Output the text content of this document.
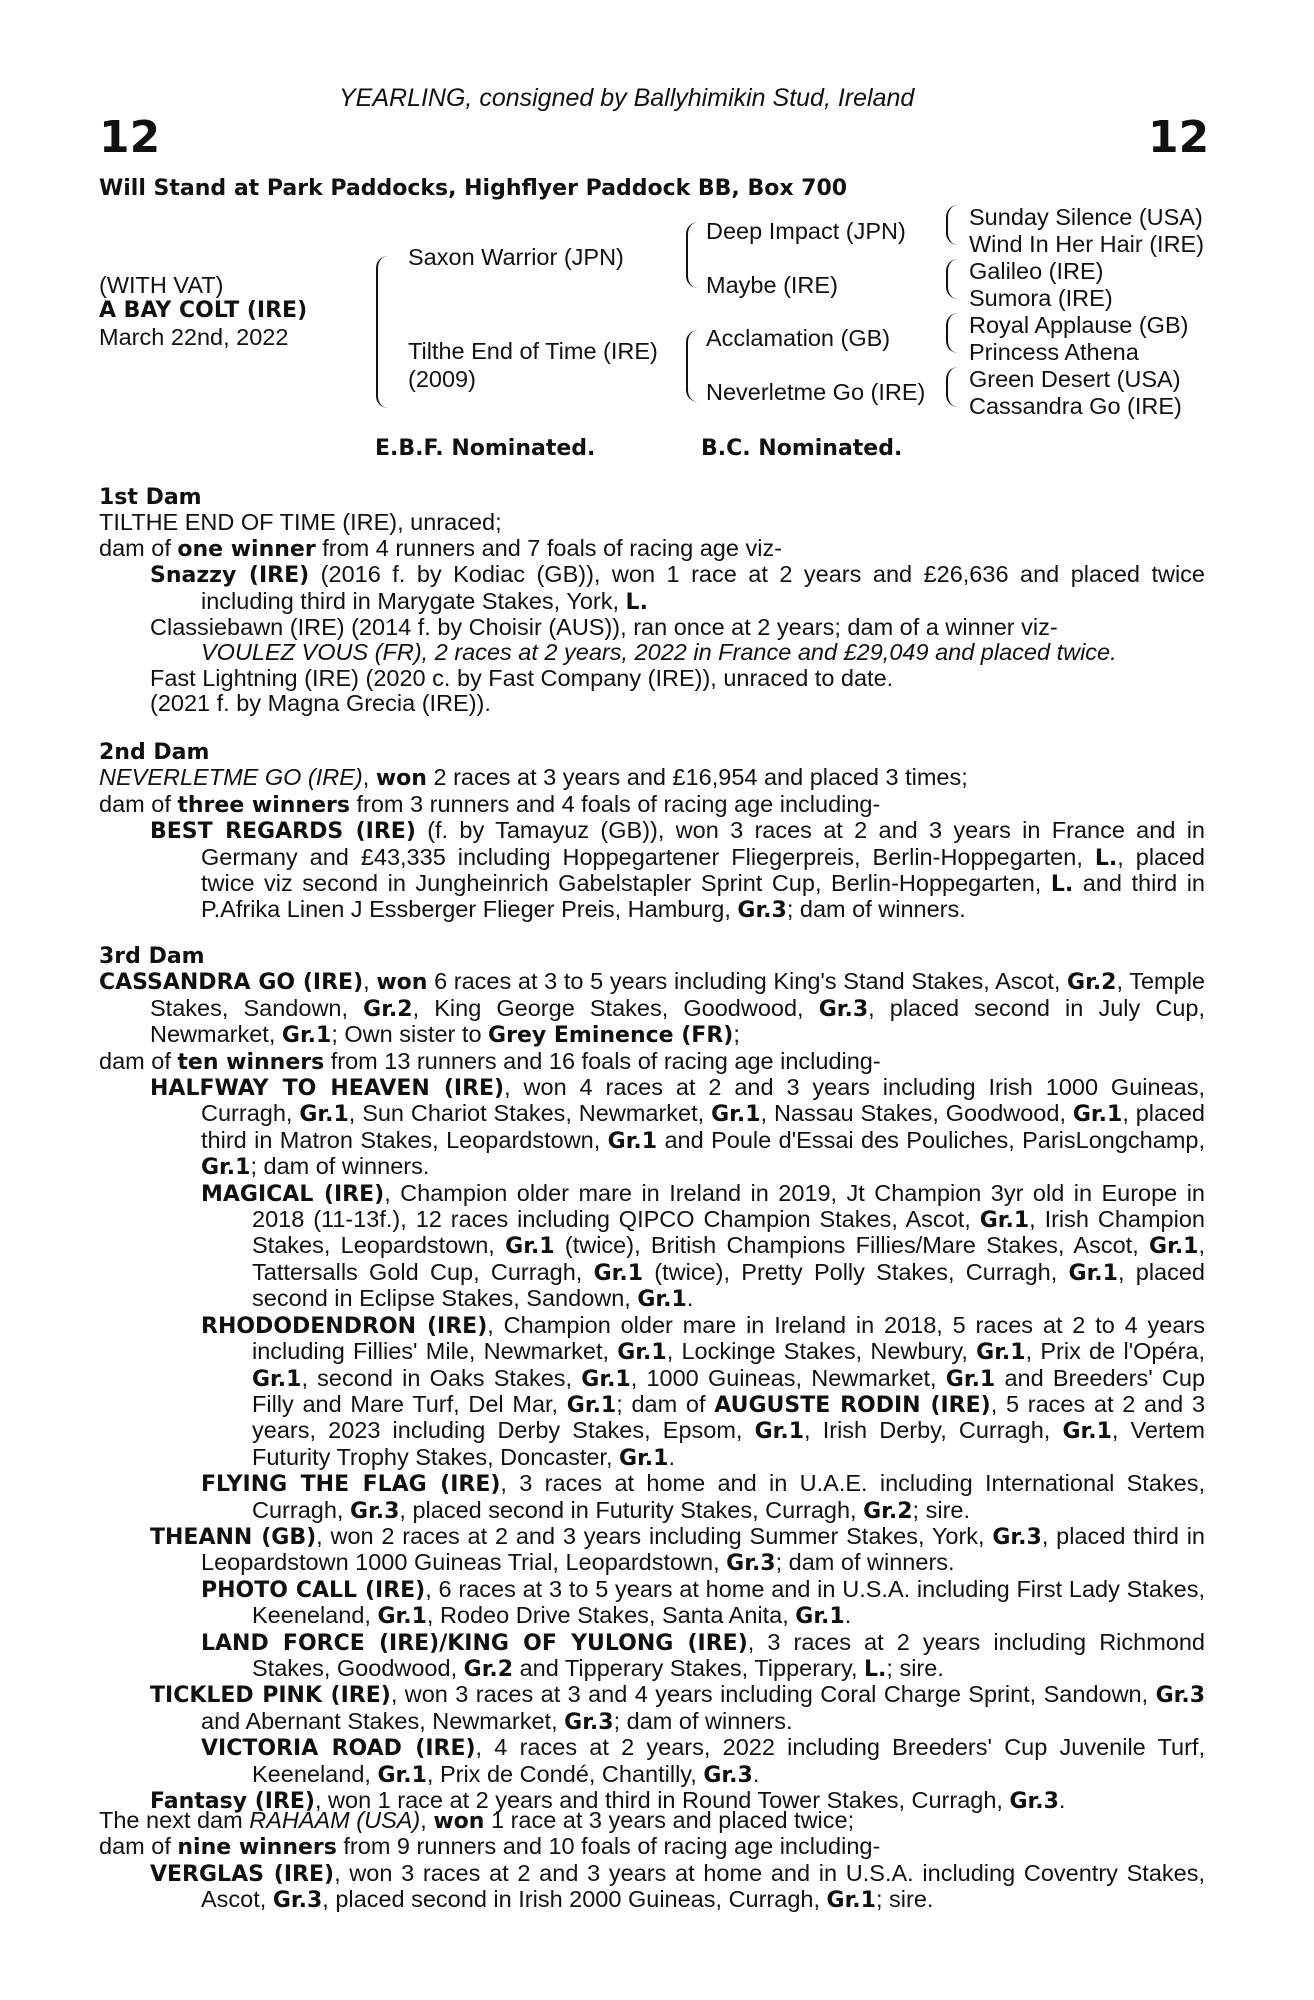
YEARLING, consigned by Ballyhimikin Stud, Ireland
12	12
Will Stand at Park Paddocks, Highflyer Paddock BB, Box 700
(WITH VAT)
A BAY COLT (IRE)
March 22nd, 2022
Saxon Warrior (JPN)
Tilthe End of Time (IRE)
(2009)
Deep Impact (JPN)
Maybe (IRE)
Acclamation (GB)
Neverletme Go (IRE)
Sunday Silence (USA)
Wind In Her Hair (IRE)
Galileo (IRE)
Sumora (IRE)
Royal Applause (GB)
Princess Athena
Green Desert (USA)
Cassandra Go (IRE)
E.B.F. Nominated.	B.C. Nominated.

1st Dam

TILTHE END OF TIME (IRE), unraced;

dam of one winner from 4 runners and 7 foals of racing age viz-

Snazzy (IRE) (2016 f. by Kodiac (GB)), won 1 race at 2 years and £26,636 and placed twice including third in Marygate Stakes, York, L.

Classiebawn (IRE) (2014 f. by Choisir (AUS)), ran once at 2 years; dam of a winner viz-

VOULEZ VOUS (FR), 2 races at 2 years, 2022 in France and £29,049 and placed twice.

Fast Lightning (IRE) (2020 c. by Fast Company (IRE)), unraced to date.

(2021 f. by Magna Grecia (IRE)).

2nd Dam

NEVERLETME GO (IRE), won 2 races at 3 years and £16,954 and placed 3 times;

dam of three winners from 3 runners and 4 foals of racing age including-

BEST REGARDS (IRE) (f. by Tamayuz (GB)), won 3 races at 2 and 3 years in France and in Germany and £43,335 including Hoppegartener Fliegerpreis, Berlin-Hoppegarten, L., placed twice viz second in Jungheinrich Gabelstapler Sprint Cup, Berlin-Hoppegarten, L. and third in P.Afrika Linen J Essberger Flieger Preis, Hamburg, Gr.3; dam of winners.

3rd Dam

CASSANDRA GO (IRE), won 6 races at 3 to 5 years including King's Stand Stakes, Ascot, Gr.2, Temple Stakes, Sandown, Gr.2, King George Stakes, Goodwood, Gr.3, placed second in July Cup, Newmarket, Gr.1; Own sister to Grey Eminence (FR);

dam of ten winners from 13 runners and 16 foals of racing age including-

HALFWAY TO HEAVEN (IRE), won 4 races at 2 and 3 years including Irish 1000 Guineas, Curragh, Gr.1, Sun Chariot Stakes, Newmarket, Gr.1, Nassau Stakes, Goodwood, Gr.1, placed third in Matron Stakes, Leopardstown, Gr.1 and Poule d'Essai des Pouliches, ParisLongchamp, Gr.1; dam of winners.

MAGICAL (IRE), Champion older mare in Ireland in 2019, Jt Champion 3yr old in Europe in 2018 (11-13f.), 12 races including QIPCO Champion Stakes, Ascot, Gr.1, Irish Champion Stakes, Leopardstown, Gr.1 (twice), British Champions Fillies/Mare Stakes, Ascot, Gr.1, Tattersalls Gold Cup, Curragh, Gr.1 (twice), Pretty Polly Stakes, Curragh, Gr.1, placed second in Eclipse Stakes, Sandown, Gr.1.

RHODODENDRON (IRE), Champion older mare in Ireland in 2018, 5 races at 2 to 4 years including Fillies' Mile, Newmarket, Gr.1, Lockinge Stakes, Newbury, Gr.1, Prix de l'Opéra, Gr.1, second in Oaks Stakes, Gr.1, 1000 Guineas, Newmarket, Gr.1 and Breeders' Cup Filly and Mare Turf, Del Mar, Gr.1; dam of AUGUSTE RODIN (IRE), 5 races at 2 and 3 years, 2023 including Derby Stakes, Epsom, Gr.1, Irish Derby, Curragh, Gr.1, Vertem Futurity Trophy Stakes, Doncaster, Gr.1.

FLYING THE FLAG (IRE), 3 races at home and in U.A.E. including International Stakes, Curragh, Gr.3, placed second in Futurity Stakes, Curragh, Gr.2; sire.

THEANN (GB), won 2 races at 2 and 3 years including Summer Stakes, York, Gr.3, placed third in Leopardstown 1000 Guineas Trial, Leopardstown, Gr.3; dam of winners.

PHOTO CALL (IRE), 6 races at 3 to 5 years at home and in U.S.A. including First Lady Stakes, Keeneland, Gr.1, Rodeo Drive Stakes, Santa Anita, Gr.1.

LAND FORCE (IRE)/KING OF YULONG (IRE), 3 races at 2 years including Richmond Stakes, Goodwood, Gr.2 and Tipperary Stakes, Tipperary, L.; sire.

TICKLED PINK (IRE), won 3 races at 3 and 4 years including Coral Charge Sprint, Sandown, Gr.3 and Abernant Stakes, Newmarket, Gr.3; dam of winners.

VICTORIA ROAD (IRE), 4 races at 2 years, 2022 including Breeders' Cup Juvenile Turf, Keeneland, Gr.1, Prix de Condé, Chantilly, Gr.3.

Fantasy (IRE), won 1 race at 2 years and third in Round Tower Stakes, Curragh, Gr.3.

The next dam RAHAAM (USA), won 1 race at 3 years and placed twice;

dam of nine winners from 9 runners and 10 foals of racing age including-

VERGLAS (IRE), won 3 races at 2 and 3 years at home and in U.S.A. including Coventry Stakes, Ascot, Gr.3, placed second in Irish 2000 Guineas, Curragh, Gr.1; sire.
